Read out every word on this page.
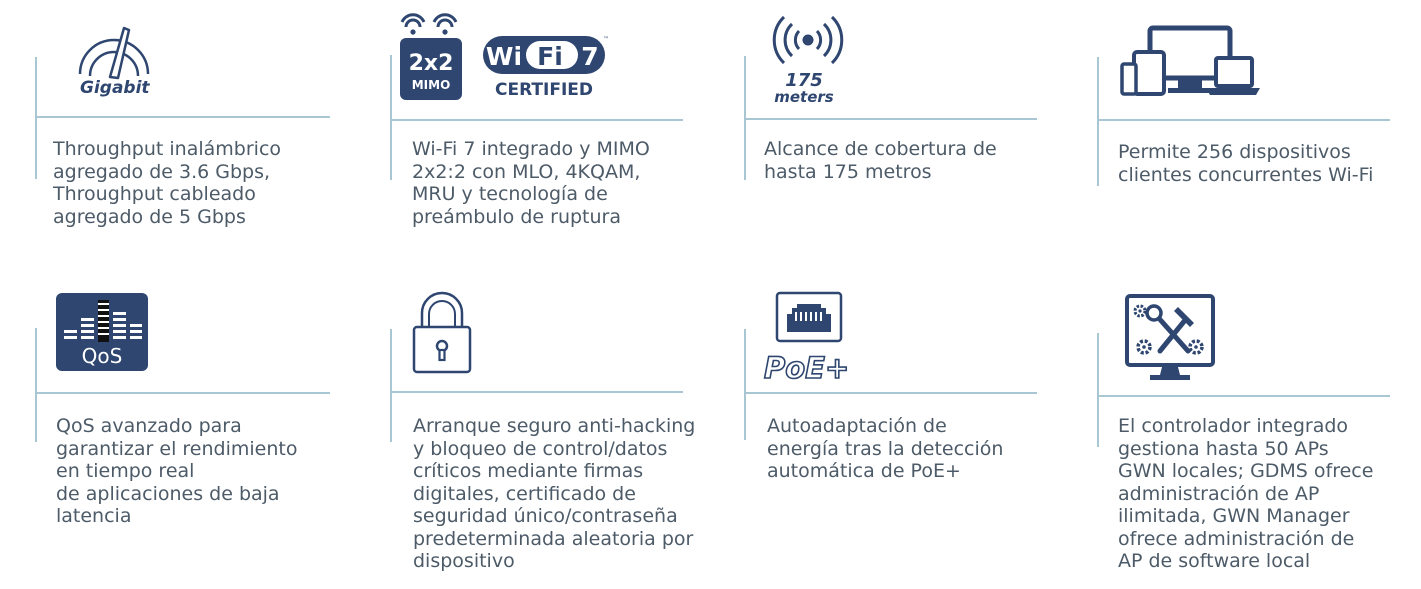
Gigabit
Throughput inalámbrico
agregado de 3.6 Gbps,
Throughput cableado
agregado de 5 Gbps
2x2
MIMO
Wi Fi 7
™
CERTIFIED
Wi-Fi 7 integrado y MIMO
2x2:2 con MLO, 4KQAM,
MRU y tecnología de
preámbulo de ruptura
175
meters
Alcance de cobertura de
hasta 175 metros
Permite 256 dispositivos
clientes concurrentes Wi-Fi
QoS
QoS avanzado para
garantizar el rendimiento
en tiempo real
de aplicaciones de baja
latencia
Arranque seguro anti-hacking
y bloqueo de control/datos
críticos mediante firmas
digitales, certificado de
seguridad único/contraseña
predeterminada aleatoria por
dispositivo
PoE+
Autoadaptación de
energía tras la detección
automática de PoE+
El controlador integrado
gestiona hasta 50 APs
GWN locales; GDMS ofrece
administración de AP
ilimitada, GWN Manager
ofrece administración de
AP de software local
